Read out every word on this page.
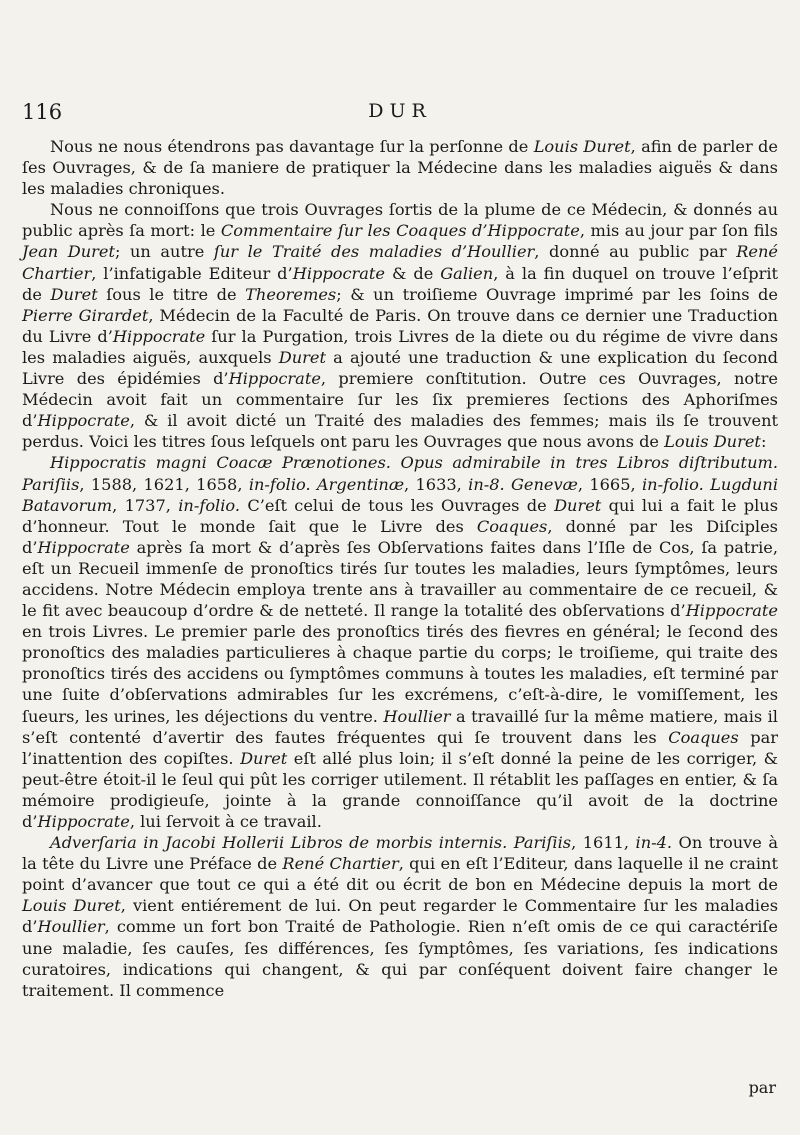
116	DUR

Nous ne nous étendrons pas davantage ſur la perſonne de Louis Duret, afin de parler de ſes Ouvrages, & de ſa maniere de pratiquer la Médecine dans les maladies aiguës & dans les maladies chroniques.

Nous ne connoiſſons que trois Ouvrages ſortis de la plume de ce Médecin, & donnés au public après ſa mort: le Commentaire ſur les Coaques d’Hippocrate, mis au jour par ſon fils Jean Duret; un autre ſur le Traité des maladies d’Houllier, donné au public par René Chartier, l’infatigable Editeur d’Hippocrate & de Galien, à la fin duquel on trouve l’eſprit de Duret ſous le titre de Theoremes; & un troiſieme Ouvrage imprimé par les ſoins de Pierre Girardet, Médecin de la Faculté de Paris. On trouve dans ce dernier une Traduction du Livre d’Hippocrate ſur la Purgation, trois Livres de la diete ou du régime de vivre dans les maladies aiguës, auxquels Duret a ajouté une traduction & une explication du ſecond Livre des épidémies d’Hippocrate, premiere conſtitution. Outre ces Ouvrages, notre Médecin avoit fait un commentaire ſur les ſix premieres ſections des Aphoriſmes d’Hippocrate, & il avoit dicté un Traité des maladies des femmes; mais ils ſe trouvent perdus. Voici les titres ſous leſquels ont paru les Ouvrages que nous avons de Louis Duret:

Hippocratis magni Coacæ Prænotiones. Opus admirabile in tres Libros diſtributum. Pariſiis, 1588, 1621, 1658, in-folio. Argentinæ, 1633, in-8. Genevæ, 1665, in-folio. Lugduni Batavorum, 1737, in-folio. C’eſt celui de tous les Ouvrages de Duret qui lui a fait le plus d’honneur. Tout le monde ſait que le Livre des Coaques, donné par les Diſciples d’Hippocrate après ſa mort & d’après ſes Obſervations faites dans l’Iſle de Cos, ſa patrie, eſt un Recueil immenſe de pronoſtics tirés ſur toutes les maladies, leurs ſymptômes, leurs accidens. Notre Médecin employa trente ans à travailler au commentaire de ce recueil, & le fit avec beaucoup d’ordre & de netteté. Il range la totalité des obſervations d’Hippocrate en trois Livres. Le premier parle des pronoſtics tirés des fievres en général; le ſecond des pronoſtics des maladies particulieres à chaque partie du corps; le troiſieme, qui traite des pronoſtics tirés des accidens ou ſymptômes communs à toutes les maladies, eſt terminé par une ſuite d’obſervations admirables ſur les excrémens, c’eſt-à-dire, le vomiſſement, les ſueurs, les urines, les déjections du ventre. Houllier a travaillé ſur la même matiere, mais il s’eſt contenté d’avertir des fautes fréquentes qui ſe trouvent dans les Coaques par l’inattention des copiſtes. Duret eſt allé plus loin; il s’eſt donné la peine de les corriger, & peut-être étoit-il le ſeul qui pût les corriger utilement. Il rétablit les paſſages en entier, & ſa mémoire prodigieuſe, jointe à la grande connoiſſance qu’il avoit de la doctrine d’Hippocrate, lui ſervoit à ce travail.

Adverſaria in Jacobi Hollerii Libros de morbis internis. Pariſiis, 1611, in-4. On trouve à la tête du Livre une Préface de René Chartier, qui en eſt l’Editeur, dans laquelle il ne craint point d’avancer que tout ce qui a été dit ou écrit de bon en Médecine depuis la mort de Louis Duret, vient entiérement de lui. On peut regarder le Commentaire ſur les maladies d’Houllier, comme un fort bon Traité de Pathologie. Rien n’eſt omis de ce qui caractériſe une maladie, ſes cauſes, ſes différences, ſes ſymptômes, ſes variations, ſes indications curatoires, indications qui changent, & qui par conſéquent doivent faire changer le traitement. Il commence

par
